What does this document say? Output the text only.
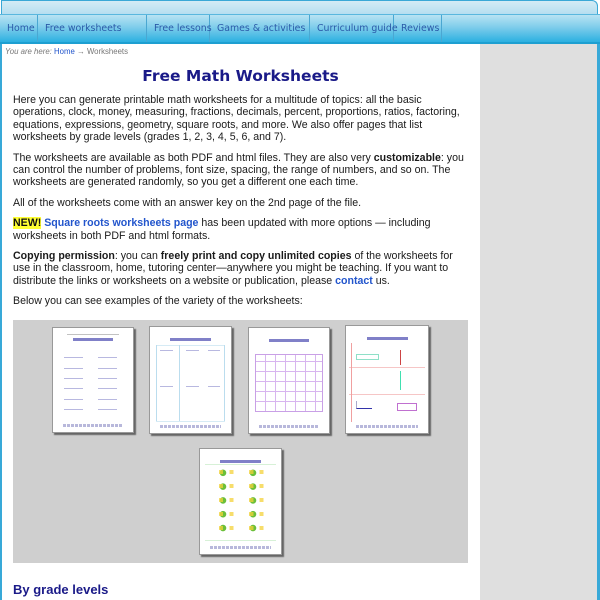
Home	Free worksheets	Free lessons Games & activities	Curriculum guide Reviews
You are here: Home → Worksheets
Free Math Worksheets

Here you can generate printable math worksheets for a multitude of topics: all the basic operations, clock, money, measuring, fractions, decimals, percent, proportions, ratios, factoring, equations, expressions, geometry, square roots, and more. We also offer pages that list worksheets by grade levels (grades 1, 2, 3, 4, 5, 6, and 7).

The worksheets are available as both PDF and html files. They are also very customizable: you can control the number of problems, font size, spacing, the range of numbers, and so on. The worksheets are generated randomly, so you get a different one each time.

All of the worksheets come with an answer key on the 2nd page of the file.

NEW! Square roots worksheets page has been updated with more options — including worksheets in both PDF and html formats.

Copying permission: you can freely print and copy unlimited copies of the worksheets for use in the classroom, home, tutoring center—anywhere you might be teaching. If you want to distribute the links or worksheets on a website or publication, please contact us.

Below you can see examples of the variety of the worksheets:

By grade levels
